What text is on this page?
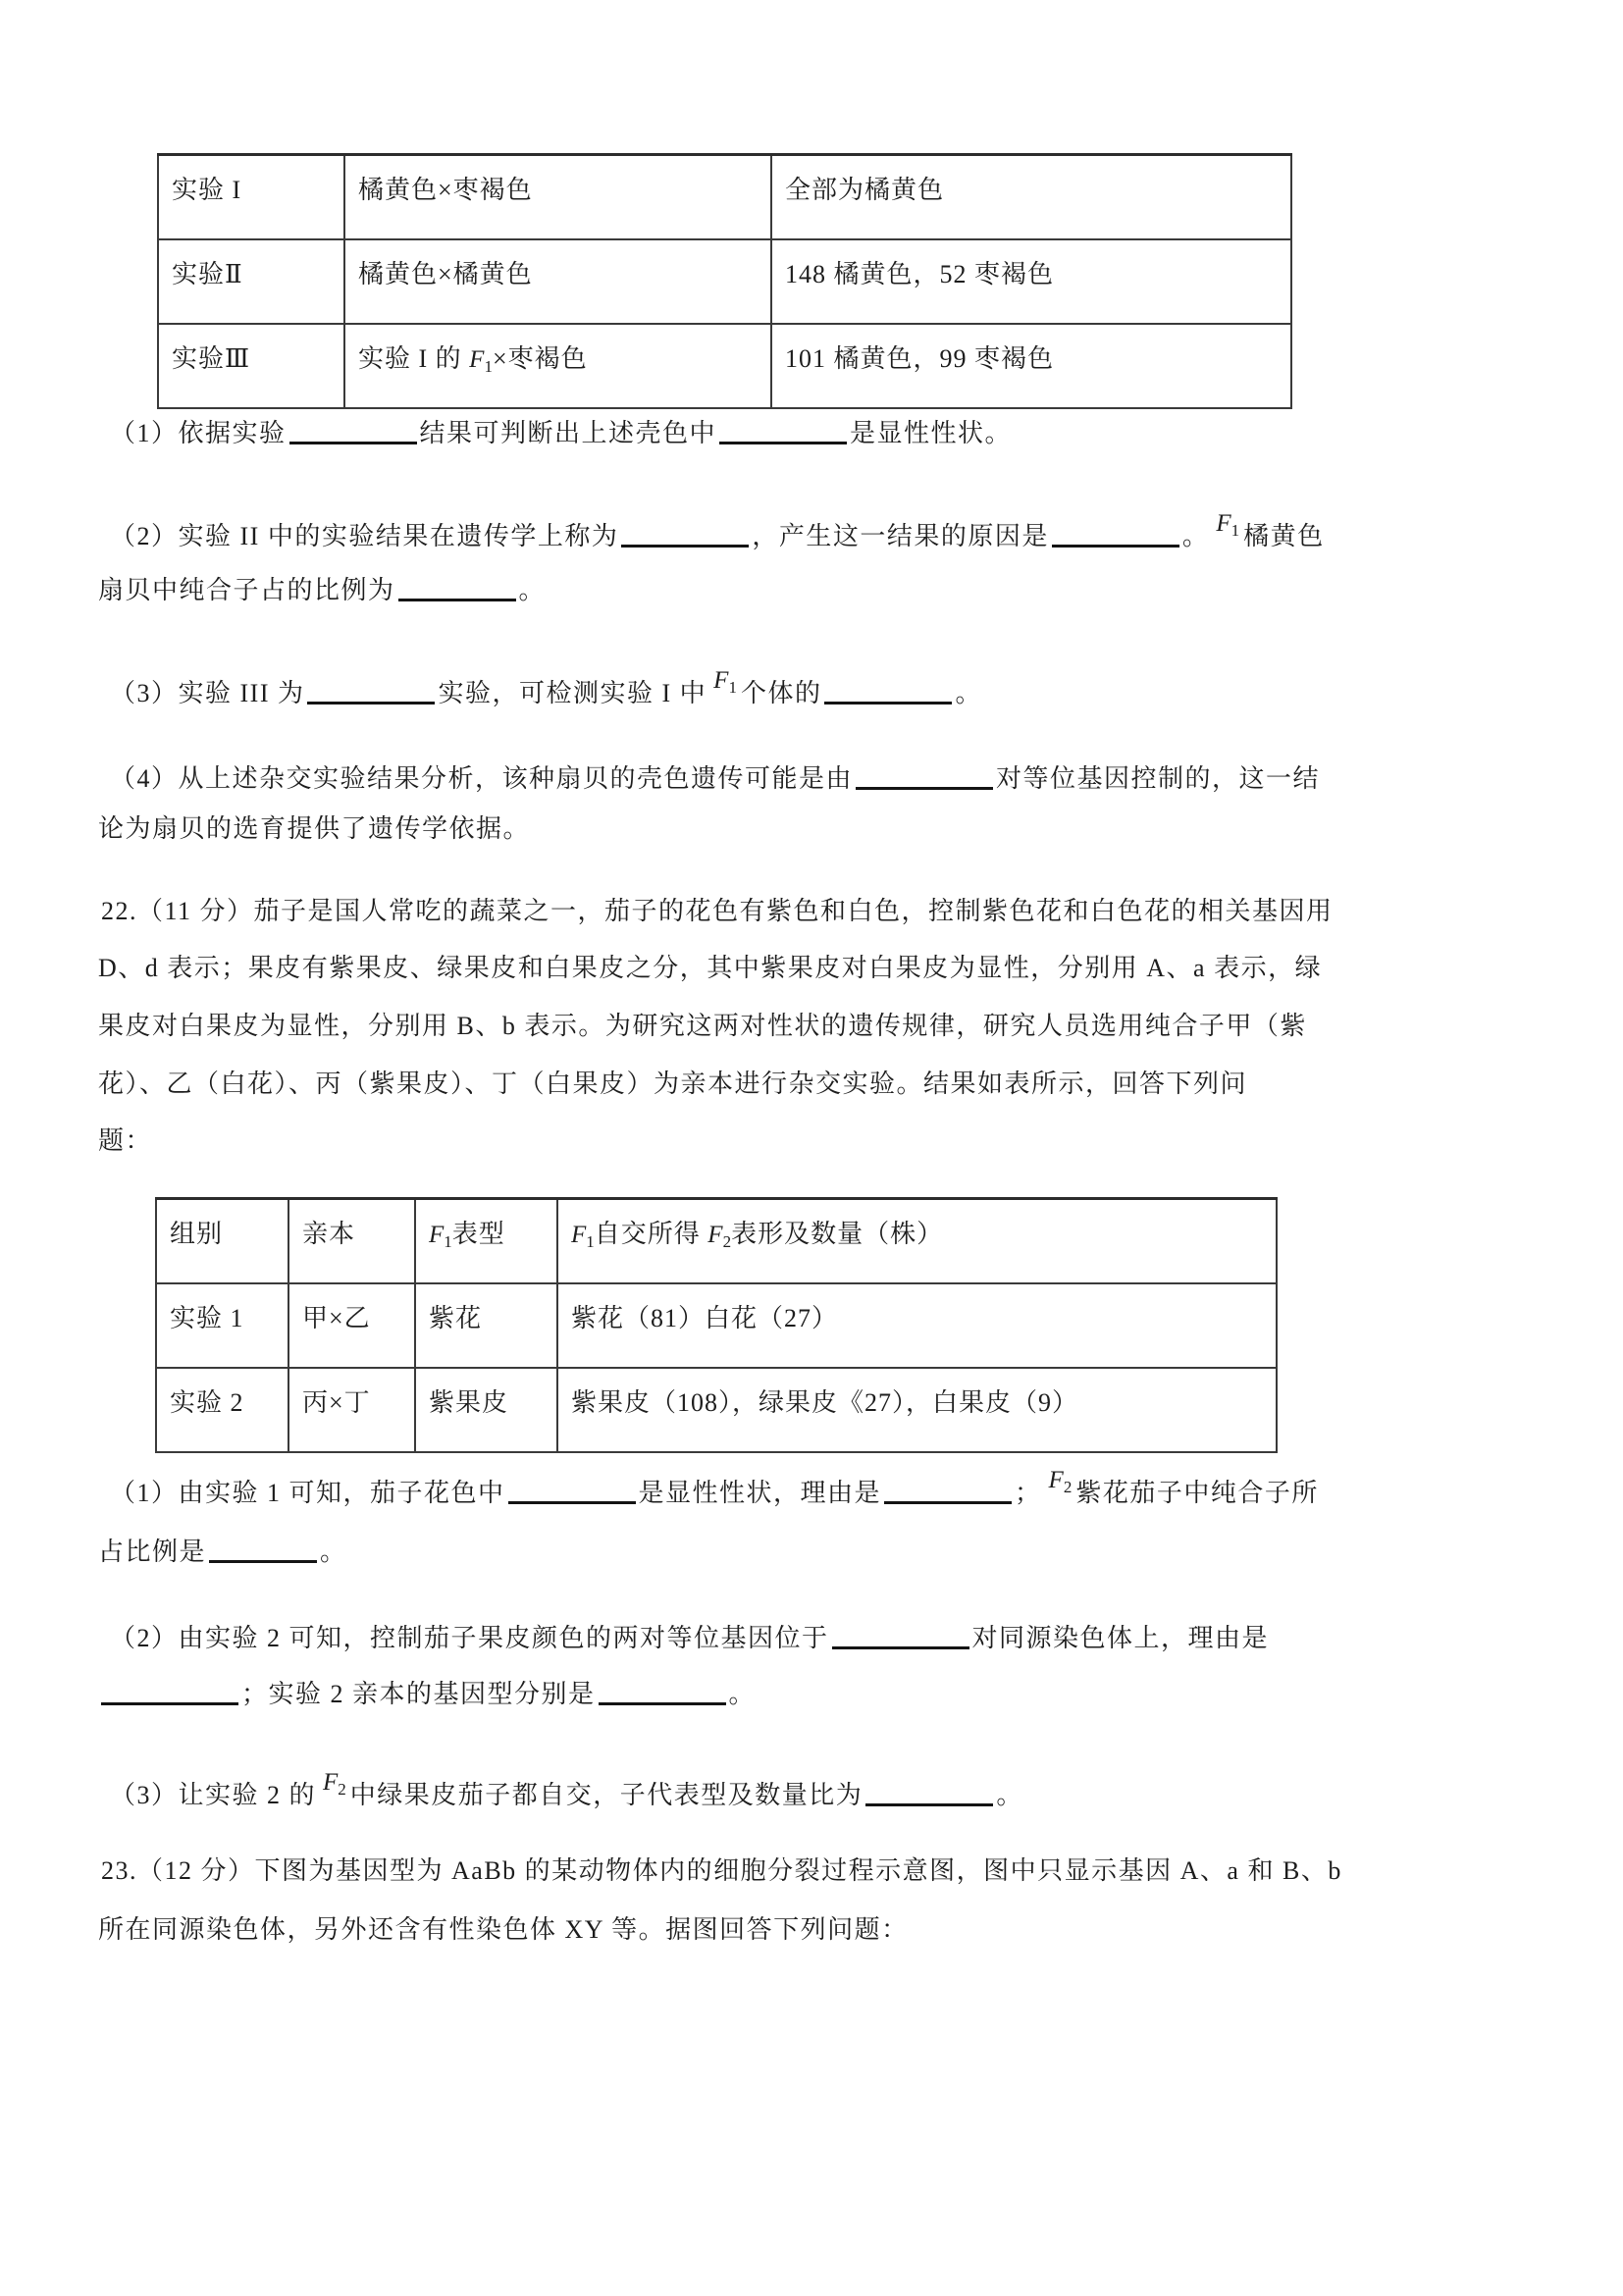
实验 I	橘黄色×枣褐色	全部为橘黄色
实验Ⅱ	橘黄色×橘黄色	148 橘黄色，52 枣褐色
实验Ⅲ	实验 I 的 $F_1\times$枣褐色	101 橘黄色，99 枣褐色
组别	亲本	$F_1$表型	$F_1$自交所得 $F_2$表形及数量（株）
实验 1	甲×乙	紫花	紫花（81）白花（27）
实验 2	丙×丁	紫果皮	紫果皮（108），绿果皮《27），白果皮（9）
（1）依据实验	结果可判断出上述壳色中	是显性性状。
（2）实验 II 中的实验结果在遗传学上称为	，产生这一结果的原因是	。 $F_1$ 橘黄色
扇贝中纯合子占的比例为	。
（3）实验 III 为	实验，可检测实验 I 中 $F_1$ 个体的	。
（4）从上述杂交实验结果分析，该种扇贝的壳色遗传可能是由	对等位基因控制的，这一结
论为扇贝的选育提供了遗传学依据。
22.（11 分）茄子是国人常吃的蔬菜之一，茄子的花色有紫色和白色，控制紫色花和白色花的相关基因用
D、d 表示；果皮有紫果皮、绿果皮和白果皮之分，其中紫果皮对白果皮为显性，分别用 A、a 表示，绿
果皮对白果皮为显性，分别用 B、b 表示。为研究这两对性状的遗传规律，研究人员选用纯合子甲（紫
花）、乙（白花）、丙（紫果皮）、丁（白果皮）为亲本进行杂交实验。结果如表所示，回答下列问
题：
（1）由实验 1 可知，茄子花色中	是显性性状，理由是	； $F_2$ 紫花茄子中纯合子所
占比例是	。
（2）由实验 2 可知，控制茄子果皮颜色的两对等位基因位于	对同源染色体上，理由是
；实验 2 亲本的基因型分别是	。
（3）让实验 2 的 $F_2$ 中绿果皮茄子都自交，子代表型及数量比为	。
23.（12 分）下图为基因型为 AaBb 的某动物体内的细胞分裂过程示意图，图中只显示基因 A、a 和 B、b
所在同源染色体，另外还含有性染色体 XY 等。据图回答下列问题：
